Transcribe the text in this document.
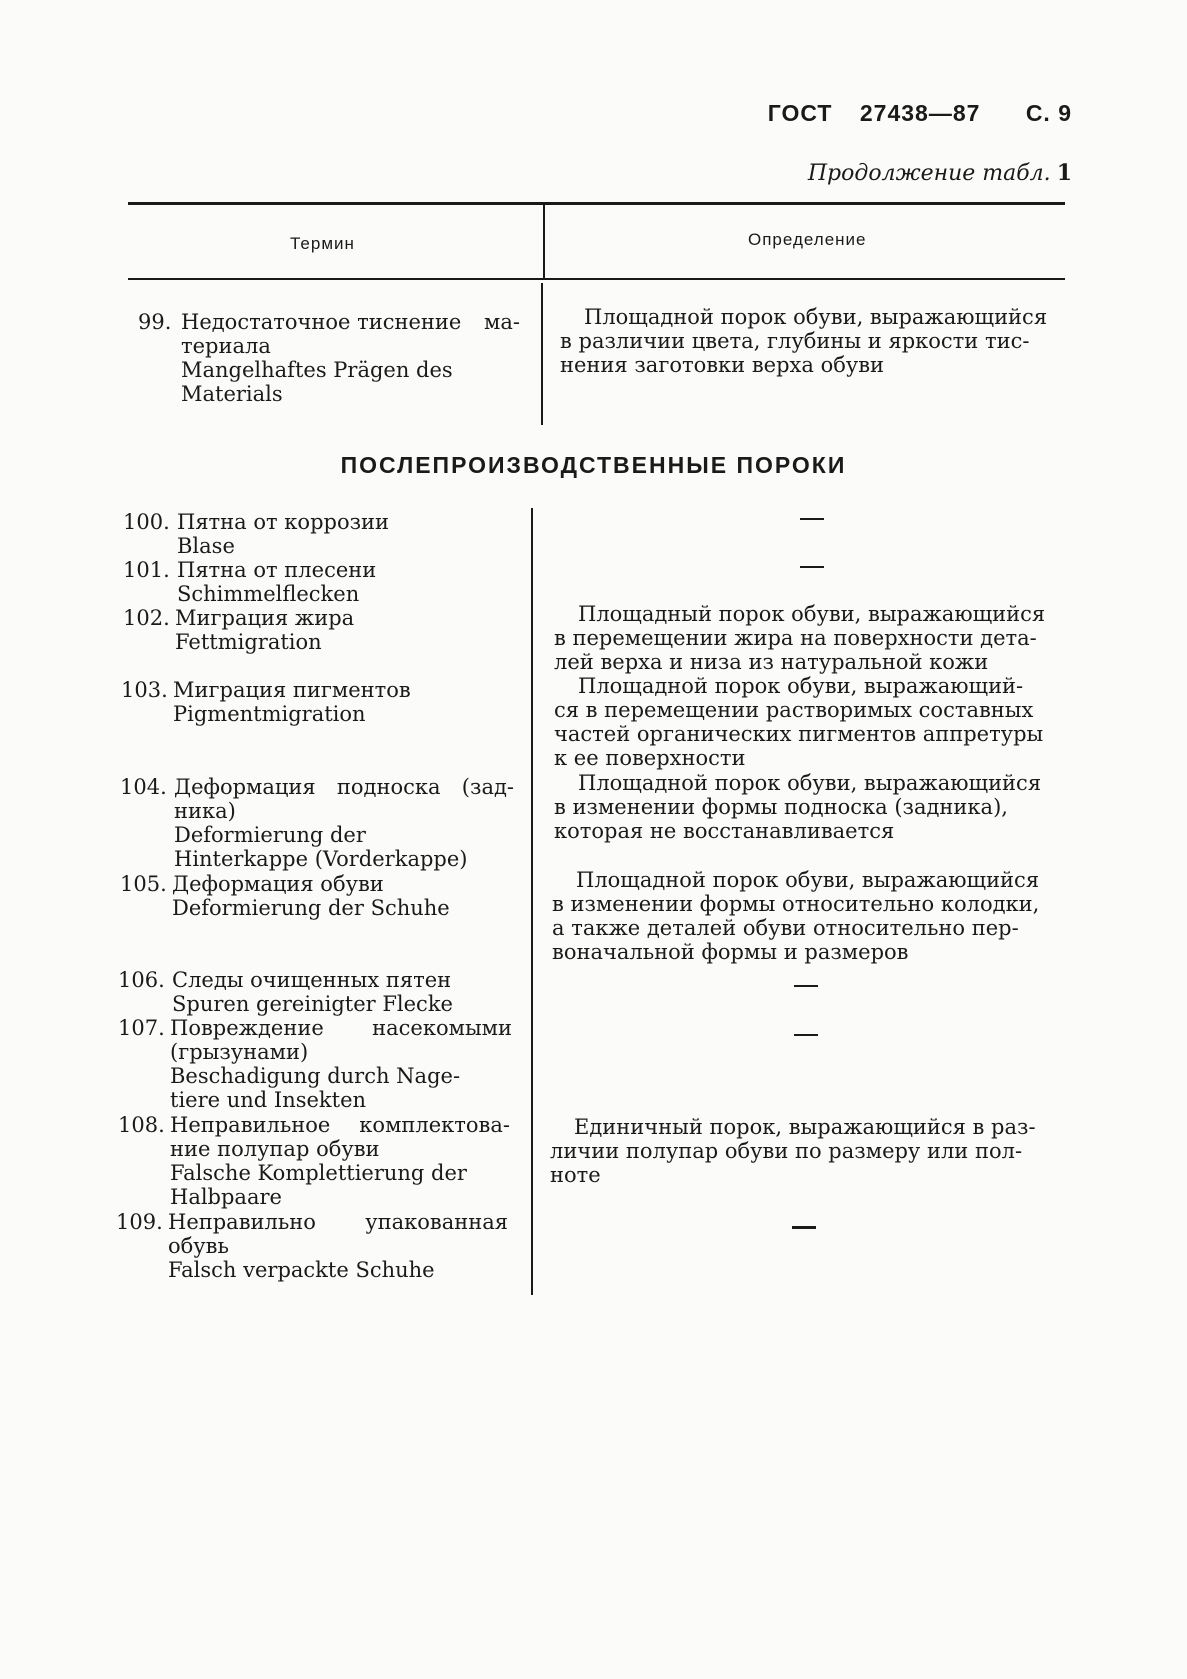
ГОСТ 27438—87 С. 9
Продолжение табл. 1
Термин	Определение
99. Недостаточное тиснение ма-
териала
Mangelhaftes Prägen des
Materials
Площадной порок обуви, выражающийся
в различии цвета, глубины и яркости тис-
нения заготовки верха обуви
ПОСЛЕПРОИЗВОДСТВЕННЫЕ ПОРОКИ
100. Пятна от коррозии
Blase
101. Пятна от плесени
Schimmelflecken
102. Миграция жира
Fettmigration
Площадный порок обуви, выражающийся
в перемещении жира на поверхности дета-
лей верха и низа из натуральной кожи
103. Миграция пигментов
Pigmentmigration
Площадной порок обуви, выражающий-
ся в перемещении растворимых составных
частей органических пигментов аппретуры
к ее поверхности
104. Деформация подноска (зад-
ника)
Deformierung der
Hinterkappe (Vorderkappe)
Площадной порок обуви, выражающийся
в изменении формы подноска (задника),
которая не восстанавливается
105. Деформация обуви
Deformierung der Schuhe
Площадной порок обуви, выражающийся
в изменении формы относительно колодки,
а также деталей обуви относительно пер-
воначальной формы и размеров
106. Следы очищенных пятен
Spuren gereinigter Flecke
107. Повреждение насекомыми
(грызунами)
Beschadigung durch Nage-
tiere und Insekten
108. Неправильное комплектова-
ние полупар обуви
Falsche Komplettierung der
Halbpaare
Единичный порок, выражающийся в раз-
личии полупар обуви по размеру или пол-
ноте
109. Неправильно упакованная
обувь
Falsch verpackte Schuhe
